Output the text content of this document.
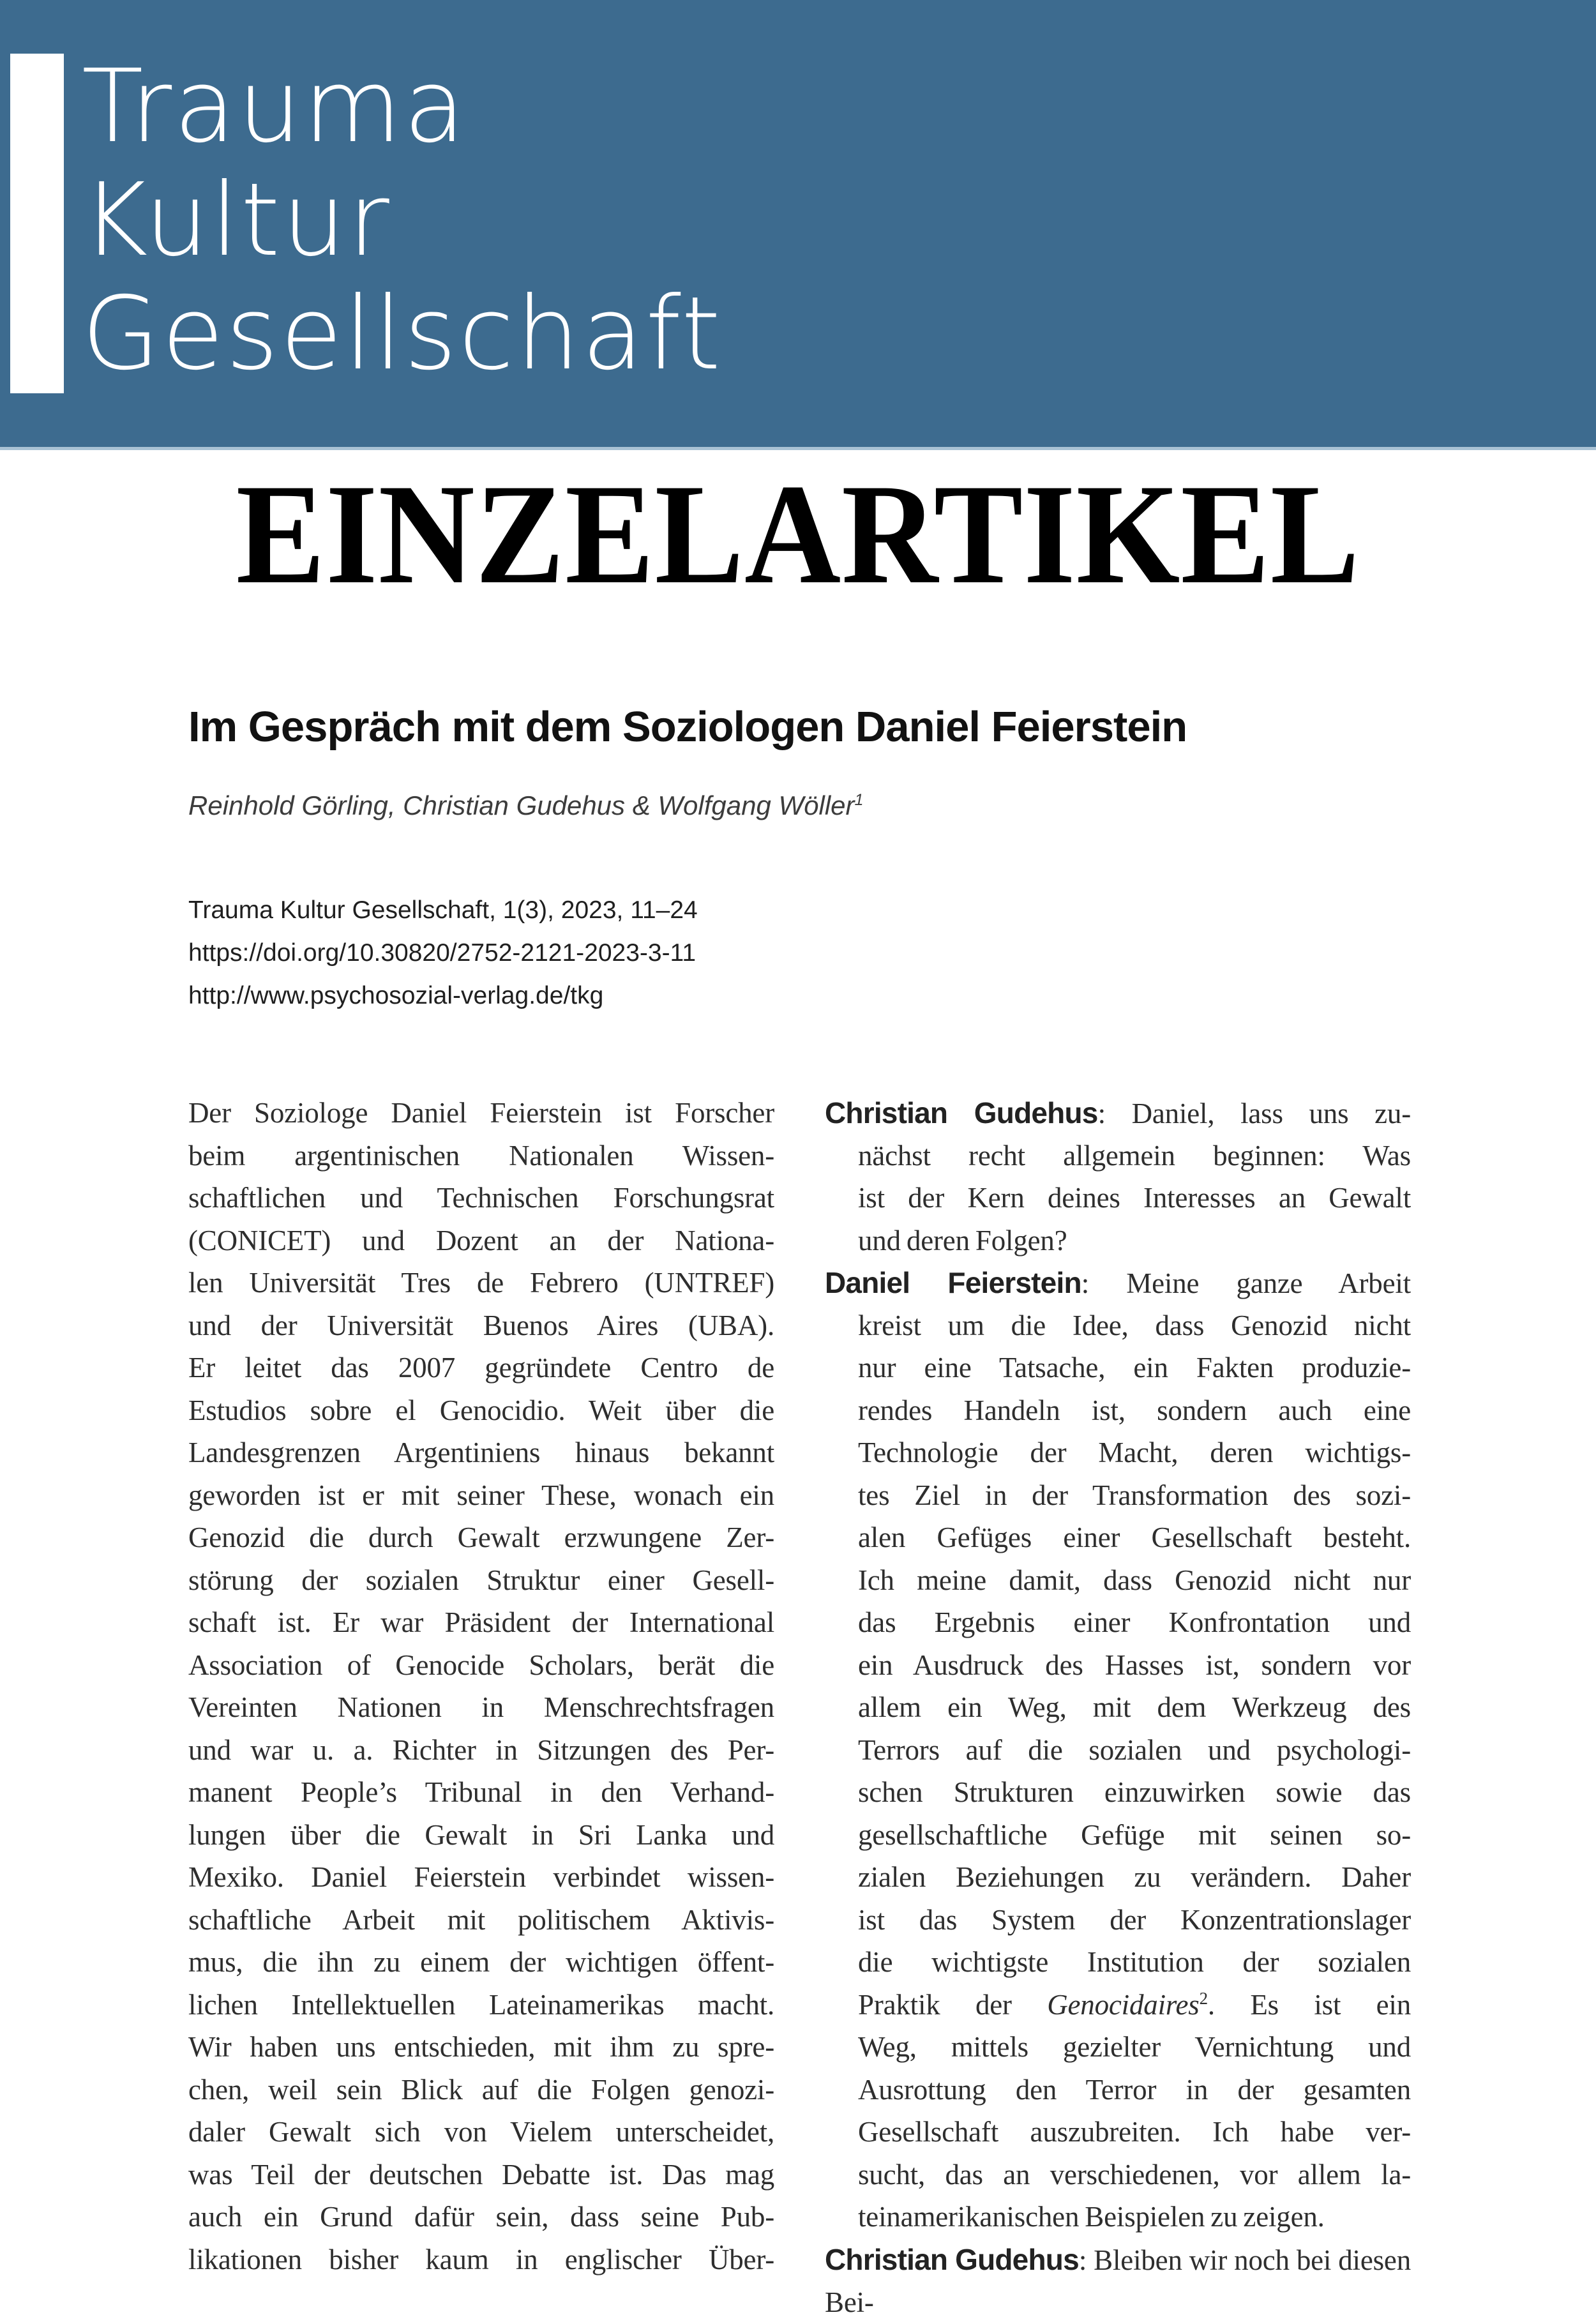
Trauma
Kultur
Gesellschaft
EINZELARTIKEL
Im Gespräch mit dem Soziologen Daniel Feierstein
Reinhold Görling, Christian Gudehus & Wolfgang Wöller$^1$
Trauma Kultur Gesellschaft, 1(3), 2023, 11–24
https://doi.org/10.30820/2752-2121-2023-3-11
http://www.psychosozial-verlag.de/tkg
Der Soziologe Daniel Feierstein ist Forscher
beim argentinischen Nationalen Wissen-
schaftlichen und Technischen Forschungsrat
(CONICET) und Dozent an der Nationa-
len Universität Tres de Febrero (UNTREF)
und der Universität Buenos Aires (UBA).
Er leitet das 2007 gegründete Centro de
Estudios sobre el Genocidio. Weit über die
Landesgrenzen Argentiniens hinaus bekannt
geworden ist er mit seiner These, wonach ein
Genozid die durch Gewalt erzwungene Zer-
störung der sozialen Struktur einer Gesell-
schaft ist. Er war Präsident der International
Association of Genocide Scholars, berät die
Vereinten Nationen in Menschrechtsfragen
und war u. a. Richter in Sitzungen des Per-
manent People’s Tribunal in den Verhand-
lungen über die Gewalt in Sri Lanka und
Mexiko. Daniel Feierstein verbindet wissen-
schaftliche Arbeit mit politischem Aktivis-
mus, die ihn zu einem der wichtigen öffent-
lichen Intellektuellen Lateinamerikas macht.
Wir haben uns entschieden, mit ihm zu spre-
chen, weil sein Blick auf die Folgen genozi-
daler Gewalt sich von Vielem unterscheidet,
was Teil der deutschen Debatte ist. Das mag
auch ein Grund dafür sein, dass seine Pub-
likationen bisher kaum in englischer Über-
Christian Gudehus: Daniel, lass uns zu-
nächst recht allgemein beginnen: Was
ist der Kern deines Interesses an Gewalt
und deren Folgen?
Daniel Feierstein: Meine ganze Arbeit
kreist um die Idee, dass Genozid nicht
nur eine Tatsache, ein Fakten produzie-
rendes Handeln ist, sondern auch eine
Technologie der Macht, deren wichtigs-
tes Ziel in der Transformation des sozi-
alen Gefüges einer Gesellschaft besteht.
Ich meine damit, dass Genozid nicht nur
das Ergebnis einer Konfrontation und
ein Ausdruck des Hasses ist, sondern vor
allem ein Weg, mit dem Werkzeug des
Terrors auf die sozialen und psychologi-
schen Strukturen einzuwirken sowie das
gesellschaftliche Gefüge mit seinen so-
zialen Beziehungen zu verändern. Daher
ist das System der Konzentrationslager
die wichtigste Institution der sozialen
Praktik der Genocidaires$^2$. Es ist ein
Weg, mittels gezielter Vernichtung und
Ausrottung den Terror in der gesamten
Gesellschaft auszubreiten. Ich habe ver-
sucht, das an verschiedenen, vor allem la-
teinamerikanischen Beispielen zu zeigen.
Christian Gudehus: Bleiben wir noch bei diesen Bei-
